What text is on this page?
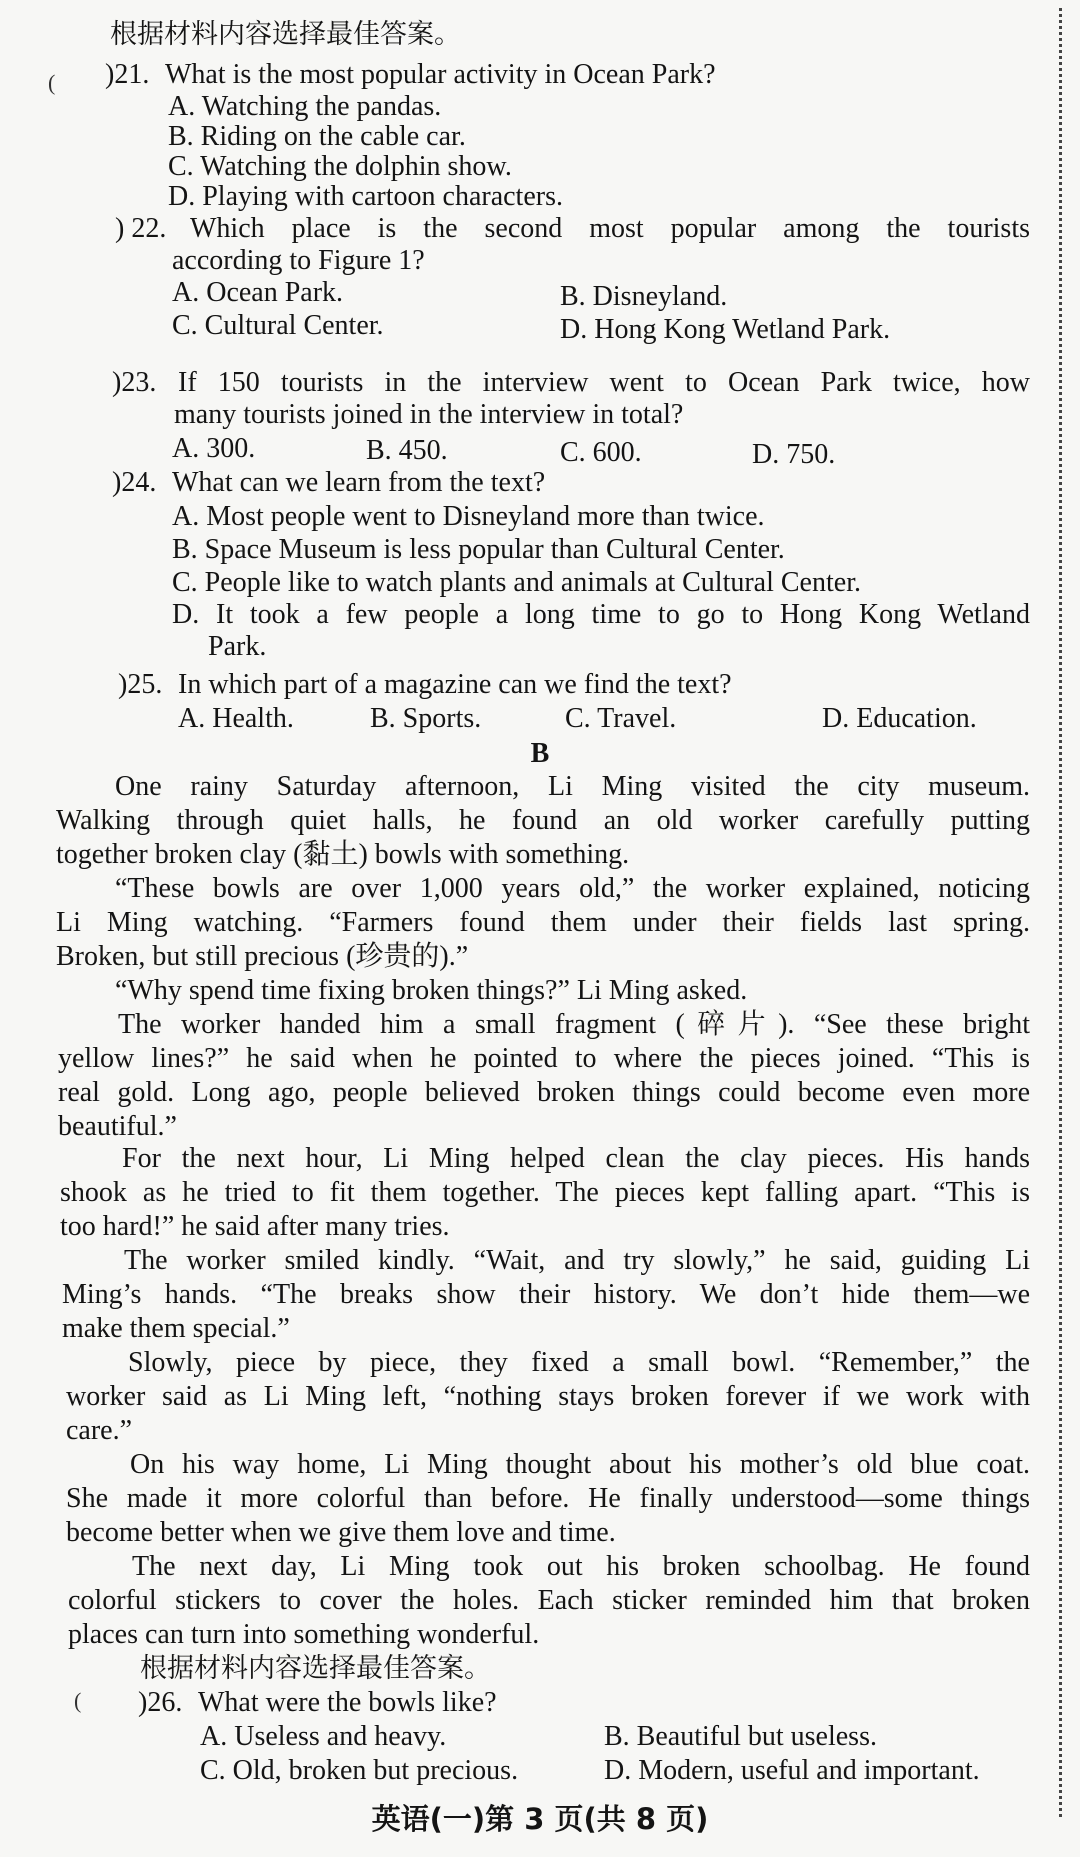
根据材料内容选择最佳答案。
( )21. What is the most popular activity in Ocean Park?
A. Watching the pandas.
B. Riding on the cable car.
C. Watching the dolphin show.
D. Playing with cartoon characters.
) 22. Which place is the second most popular among the tourists
according to Figure 1?
A. Ocean Park.	B. Disneyland.
C. Cultural Center.	D. Hong Kong Wetland Park.
)23. If 150 tourists in the interview went to Ocean Park twice, how
many tourists joined in the interview in total?
A. 300.	B. 450.	C. 600.	D. 750.
)24. What can we learn from the text?
A. Most people went to Disneyland more than twice.
B. Space Museum is less popular than Cultural Center.
C. People like to watch plants and animals at Cultural Center.
D. It took a few people a long time to go to Hong Kong Wetland
Park.
)25. In which part of a magazine can we find the text?
A. Health.	B. Sports.	C. Travel.	D. Education.
B
One rainy Saturday afternoon, Li Ming visited the city museum.
Walking through quiet halls, he found an old worker carefully putting
together broken clay (黏土) bowls with something.
“These bowls are over 1,000 years old,” the worker explained, noticing
Li Ming watching. “Farmers found them under their fields last spring.
Broken, but still precious (珍贵的).”
“Why spend time fixing broken things?” Li Ming asked.
The worker handed him a small fragment (碎片). “See these bright
yellow lines?” he said when he pointed to where the pieces joined. “This is
real gold. Long ago, people believed broken things could become even more
beautiful.”
For the next hour, Li Ming helped clean the clay pieces. His hands
shook as he tried to fit them together. The pieces kept falling apart. “This is
too hard!” he said after many tries.
The worker smiled kindly. “Wait, and try slowly,” he said, guiding Li
Ming’s hands. “The breaks show their history. We don’t hide them—we
make them special.”
Slowly, piece by piece, they fixed a small bowl. “Remember,” the
worker said as Li Ming left, “nothing stays broken forever if we work with
care.”
On his way home, Li Ming thought about his mother’s old blue coat.
She made it more colorful than before. He finally understood—some things
become better when we give them love and time.
The next day, Li Ming took out his broken schoolbag. He found
colorful stickers to cover the holes. Each sticker reminded him that broken
places can turn into something wonderful.
根据材料内容选择最佳答案。
( )26. What were the bowls like?
A. Useless and heavy.	B. Beautiful but useless.
C. Old, broken but precious.	D. Modern, useful and important.
英语(一)第 3 页(共 8 页)
